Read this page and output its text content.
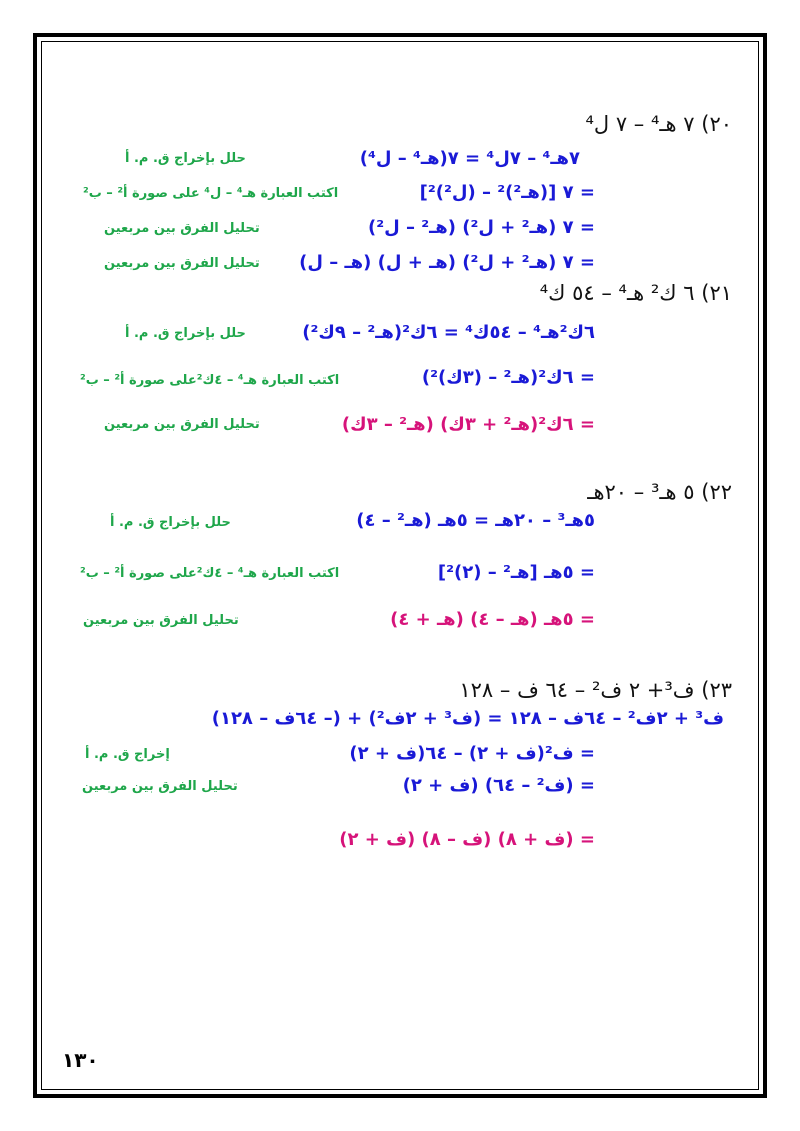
٢٠) ٧ هـ⁴ – ٧ ل⁴
٧هـ⁴ – ٧ل⁴ = ٧(هـ⁴ – ل⁴)
حلل بإخراج ق. م. أ
= ٧ [(هـ²)² – (ل²)²]
اكتب العبارة هـ⁴ – ل⁴ على صورة أ² – ب²
= ٧ (هـ² + ل²) (هـ² – ل²)
تحليل الفرق بين مربعين
= ٧ (هـ² + ل²) (هـ + ل) (هـ – ل)
تحليل الفرق بين مربعين
٢١) ٦ ك² هـ⁴ – ٥٤ ك⁴
٦ك²هـ⁴ – ٥٤ك⁴ = ٦ك²(هـ² – ٩ك²)
حلل بإخراج ق. م. أ
= ٦ك²(هـ² – (٣ك)²)
اكتب العبارة هـ⁴ – ٤ك²على صورة أ² – ب²
= ٦ك²(هـ² + ٣ك) (هـ² – ٣ك)
تحليل الفرق بين مربعين
٢٢) ٥ هـ³ – ٢٠هـ
٥هـ³ – ٢٠هـ = ٥هـ (هـ² – ٤)
حلل بإخراج ق. م. أ
= ٥هـ [هـ² – (٢)²]
اكتب العبارة هـ⁴ – ٤ك²على صورة أ² – ب²
= ٥هـ (هـ – ٤) (هـ + ٤)
تحليل الفرق بين مربعين
٢٣) ف³+ ٢ ف² – ٦٤ ف – ١٢٨
ف³ + ٢ف² – ٦٤ف – ١٢٨ = (ف³ + ٢ف²) + (– ٦٤ف – ١٢٨)
= ف²(ف + ٢) – ٦٤(ف + ٢)
إخراج ق. م. أ
= (ف² – ٦٤) (ف + ٢)
تحليل الفرق بين مربعين
= (ف + ٨) (ف – ٨) (ف + ٢)
١٣٠
